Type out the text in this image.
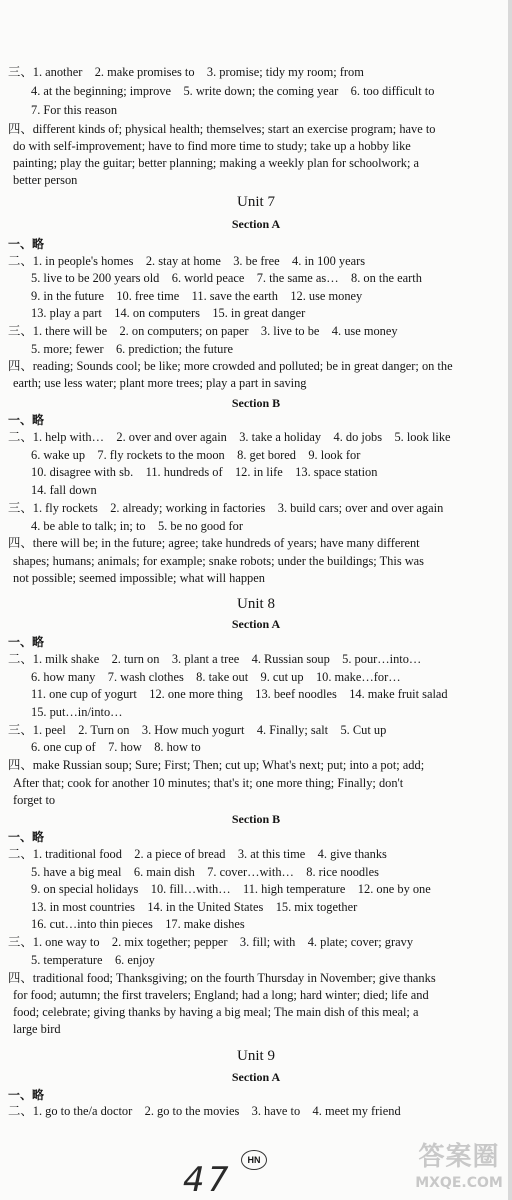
三、1. another　2. make promises to　3. promise; tidy my room; from
4. at the beginning; improve　5. write down; the coming year　6. too difficult to
7. For this reason
四、different kinds of; physical health; themselves; start an exercise program; have to
do with self-improvement; have to find more time to study; take up a hobby like
painting; play the guitar; better planning; making a weekly plan for schoolwork; a
better person
Unit 7
Section A
一、略
二、1. in people's homes　2. stay at home　3. be free　4. in 100 years
5. live to be 200 years old　6. world peace　7. the same as…　8. on the earth
9. in the future　10. free time　11. save the earth　12. use money
13. play a part　14. on computers　15. in great danger
三、1. there will be　2. on computers; on paper　3. live to be　4. use money
5. more; fewer　6. prediction; the future
四、reading; Sounds cool; be like; more crowded and polluted; be in great danger; on the
earth; use less water; plant more trees; play a part in saving
Section B
一、略
二、1. help with…　2. over and over again　3. take a holiday　4. do jobs　5. look like
6. wake up　7. fly rockets to the moon　8. get bored　9. look for
10. disagree with sb.　11. hundreds of　12. in life　13. space station
14. fall down
三、1. fly rockets　2. already; working in factories　3. build cars; over and over again
4. be able to talk; in; to　5. be no good for
四、there will be; in the future; agree; take hundreds of years; have many different
shapes; humans; animals; for example; snake robots; under the buildings; This was
not possible; seemed impossible; what will happen
Unit 8
Section A
一、略
二、1. milk shake　2. turn on　3. plant a tree　4. Russian soup　5. pour…into…
6. how many　7. wash clothes　8. take out　9. cut up　10. make…for…
11. one cup of yogurt　12. one more thing　13. beef noodles　14. make fruit salad
15. put…in/into…
三、1. peel　2. Turn on　3. How much yogurt　4. Finally; salt　5. Cut up
6. one cup of　7. how　8. how to
四、make Russian soup; Sure; First; Then; cut up; What's next; put; into a pot; add;
After that; cook for another 10 minutes; that's it; one more thing; Finally; don't
forget to
Section B
一、略
二、1. traditional food　2. a piece of bread　3. at this time　4. give thanks
5. have a big meal　6. main dish　7. cover…with…　8. rice noodles
9. on special holidays　10. fill…with…　11. high temperature　12. one by one
13. in most countries　14. in the United States　15. mix together
16. cut…into thin pieces　17. make dishes
三、1. one way to　2. mix together; pepper　3. fill; with　4. plate; cover; gravy
5. temperature　6. enjoy
四、traditional food; Thanksgiving; on the fourth Thursday in November; give thanks
for food; autumn; the first travelers; England; had a long; hard winter; died; life and
food; celebrate; giving thanks by having a big meal; The main dish of this meal; a
large bird
Unit 9
Section A
一、略
二、1. go to the/a doctor　2. go to the movies　3. have to　4. meet my friend
HN
47
答案圈
MXQE.COM
